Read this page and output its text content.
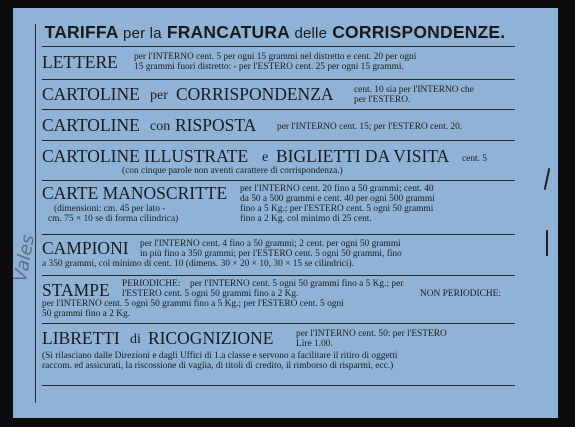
TARIFFA per la FRANCATURA delle CORRISPONDENZE.
LETTERE per l'INTERNO cent. 5 per ogni 15 grammi nel distretto e cent. 20 per ogni
15 grammi fuori distretto: - per l'ESTERO cent. 25 per ogni 15 grammi.
CARTOLINE per CORRISPONDENZA cent. 10 sia per l'INTERNO che
per l'ESTERO.
CARTOLINE con RISPOSTA per l'INTERNO cent. 15; per l'ESTERO cent. 20.
CARTOLINE ILLUSTRATE e BIGLIETTI DA VISITA cent. 5
(con cinque parole non aventi carattere di corrispondenza.)
CARTE MANOSCRITTE
(dimensioni: cm. 45 per lato -
cm. 75 × 10 se di forma cilindrica)
per l'INTERNO cent. 20 fino a 50 grammi; cent. 40
da 50 a 500 grammi e cent. 40 per ogni 500 grammi
fino a 5 Kg.; per l'ESTERO cent. 5 ogni 50 grammi
fino a 2 Kg. col minimo di 25 cent.
CAMPIONI per l'INTERNO cent. 4 fino a 50 grammi; 2 cent. per ogni 50 grammi
in più fino a 350 grammi; per l'ESTERO cent. 5 ogni 50 grammi, fino
a 350 grammi, col minimo di cent. 10 (dimens. 30 × 20 × 10, 30 × 15 se cilindrici).
STAMPE PERIODICHE: per l'INTERNO cent. 5 ogni 50 grammi fino a 5 Kg.; per
l'ESTERO cent. 5 ogni 50 grammi fino a 2 Kg.	NON PERIODICHE:
per l'INTERNO cent. 5 ogni 50 grammi fino a 5 Kg.; per l'ESTERO cent. 5 ogni
50 grammi fino a 2 Kg.
LIBRETTI di RICOGNIZIONE per l'INTERNO cent. 50: per l'ESTERO
Lire 1.00.
(Si rilasciano dalle Direzioni e dagli Uffici di 1.a classe e servono a facilitare il ritiro di oggetti
raccom. ed assicurati, la riscossione di vaglia, di titoli di credito, il rimborso di risparmi, ecc.)
Vales
